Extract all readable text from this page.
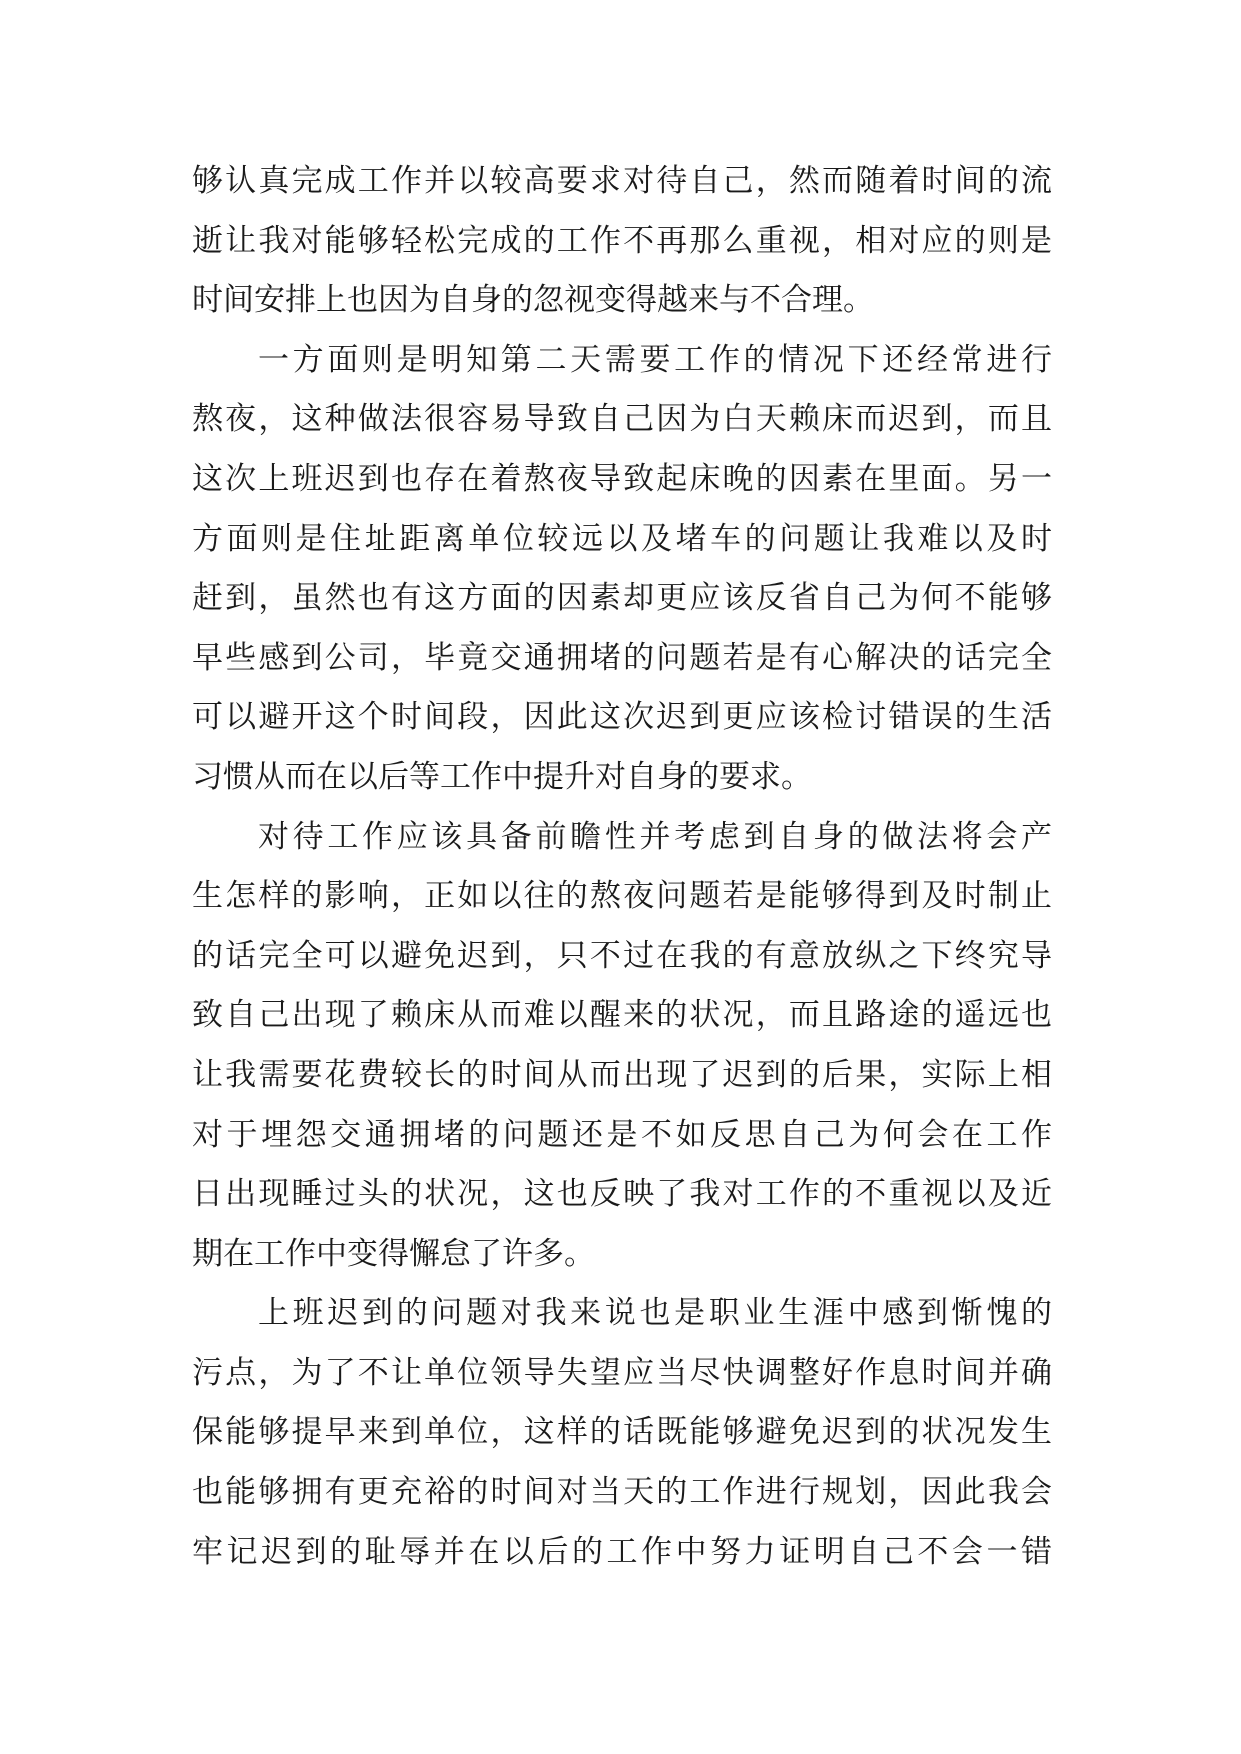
够认真完成工作并以较高要求对待自己，然而随着时间的流
逝让我对能够轻松完成的工作不再那么重视，相对应的则是
时间安排上也因为自身的忽视变得越来与不合理。
一方面则是明知第二天需要工作的情况下还经常进行
熬夜，这种做法很容易导致自己因为白天赖床而迟到，而且
这次上班迟到也存在着熬夜导致起床晚的因素在里面。另一
方面则是住址距离单位较远以及堵车的问题让我难以及时
赶到，虽然也有这方面的因素却更应该反省自己为何不能够
早些感到公司，毕竟交通拥堵的问题若是有心解决的话完全
可以避开这个时间段，因此这次迟到更应该检讨错误的生活
习惯从而在以后等工作中提升对自身的要求。
对待工作应该具备前瞻性并考虑到自身的做法将会产
生怎样的影响，正如以往的熬夜问题若是能够得到及时制止
的话完全可以避免迟到，只不过在我的有意放纵之下终究导
致自己出现了赖床从而难以醒来的状况，而且路途的遥远也
让我需要花费较长的时间从而出现了迟到的后果，实际上相
对于埋怨交通拥堵的问题还是不如反思自己为何会在工作
日出现睡过头的状况，这也反映了我对工作的不重视以及近
期在工作中变得懈怠了许多。
上班迟到的问题对我来说也是职业生涯中感到惭愧的
污点，为了不让单位领导失望应当尽快调整好作息时间并确
保能够提早来到单位，这样的话既能够避免迟到的状况发生
也能够拥有更充裕的时间对当天的工作进行规划，因此我会
牢记迟到的耻辱并在以后的工作中努力证明自己不会一错
